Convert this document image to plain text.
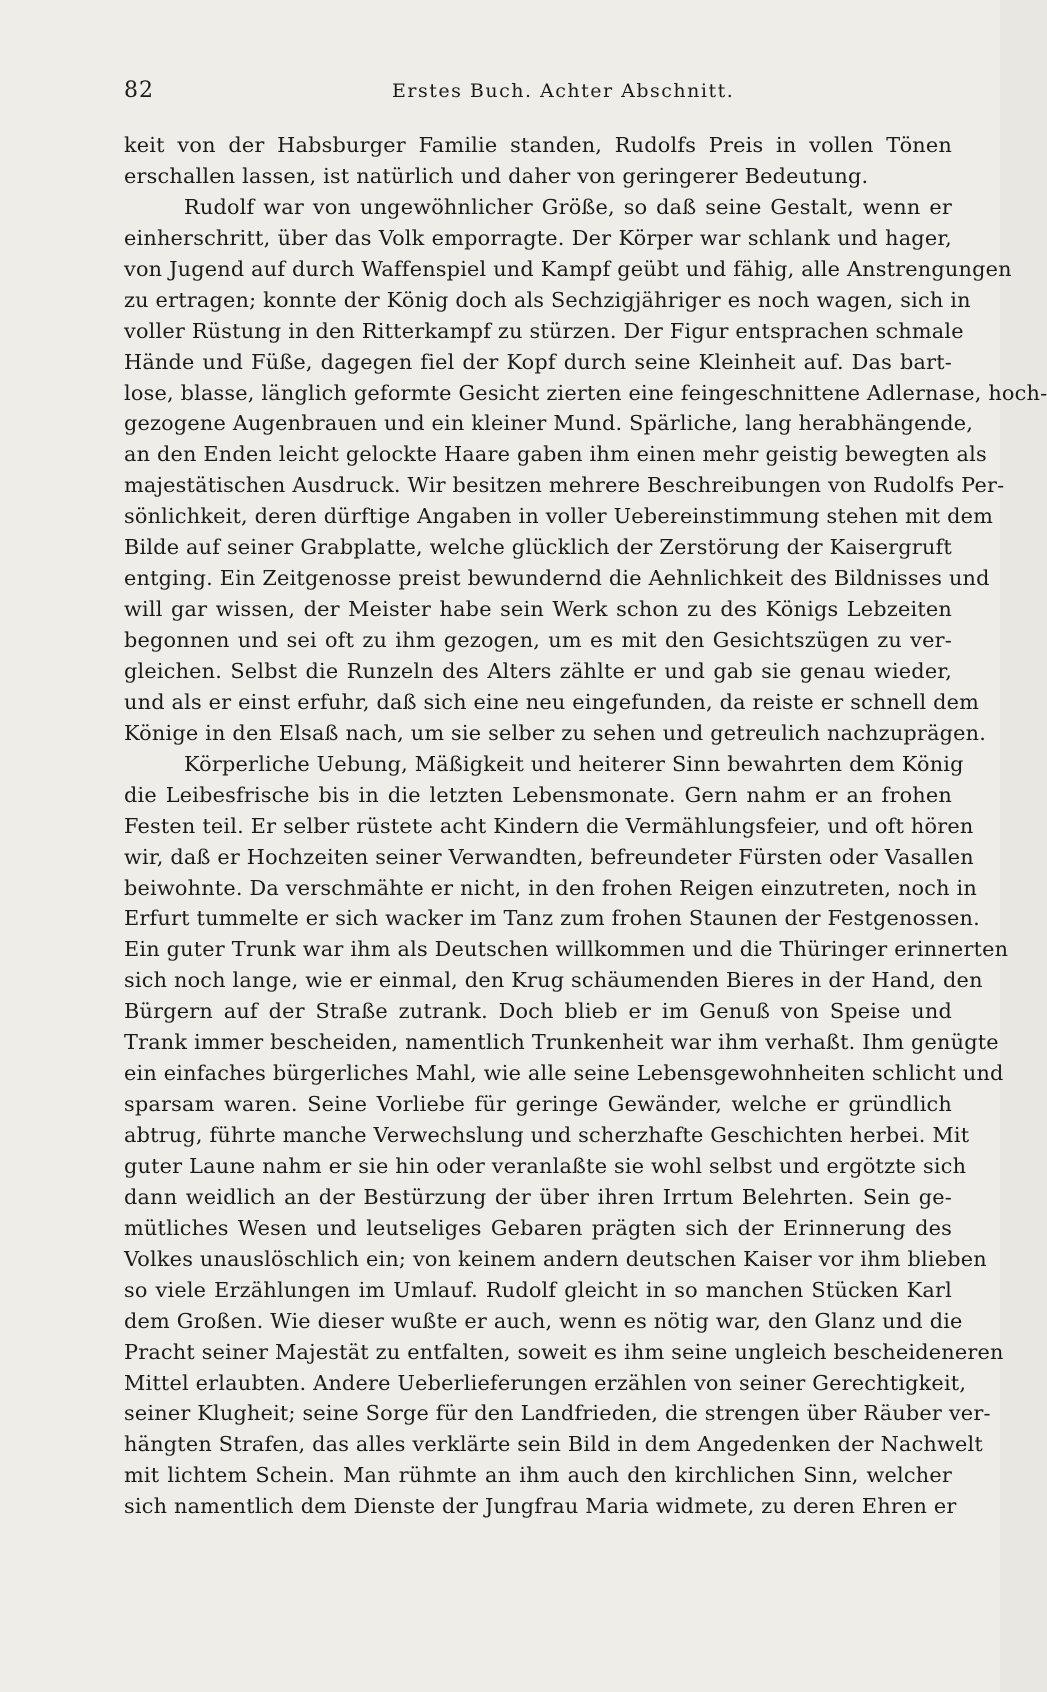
82	Erstes Buch. Achter Abschnitt.
keit von der Habsburger Familie standen, Rudolfs Preis in vollen Tönen
erschallen lassen, ist natürlich und daher von geringerer Bedeutung.
Rudolf war von ungewöhnlicher Größe, so daß seine Gestalt, wenn er
einherschritt, über das Volk emporragte. Der Körper war schlank und hager,
von Jugend auf durch Waffenspiel und Kampf geübt und fähig, alle Anstrengungen
zu ertragen; konnte der König doch als Sechzigjähriger es noch wagen, sich in
voller Rüstung in den Ritterkampf zu stürzen. Der Figur entsprachen schmale
Hände und Füße, dagegen fiel der Kopf durch seine Kleinheit auf. Das bart-
lose, blasse, länglich geformte Gesicht zierten eine feingeschnittene Adlernase, hoch-
gezogene Augenbrauen und ein kleiner Mund. Spärliche, lang herabhängende,
an den Enden leicht gelockte Haare gaben ihm einen mehr geistig bewegten als
majestätischen Ausdruck. Wir besitzen mehrere Beschreibungen von Rudolfs Per-
sönlichkeit, deren dürftige Angaben in voller Uebereinstimmung stehen mit dem
Bilde auf seiner Grabplatte, welche glücklich der Zerstörung der Kaisergruft
entging. Ein Zeitgenosse preist bewundernd die Aehnlichkeit des Bildnisses und
will gar wissen, der Meister habe sein Werk schon zu des Königs Lebzeiten
begonnen und sei oft zu ihm gezogen, um es mit den Gesichtszügen zu ver-
gleichen. Selbst die Runzeln des Alters zählte er und gab sie genau wieder,
und als er einst erfuhr, daß sich eine neu eingefunden, da reiste er schnell dem
Könige in den Elsaß nach, um sie selber zu sehen und getreulich nachzuprägen.
Körperliche Uebung, Mäßigkeit und heiterer Sinn bewahrten dem König
die Leibesfrische bis in die letzten Lebensmonate. Gern nahm er an frohen
Festen teil. Er selber rüstete acht Kindern die Vermählungsfeier, und oft hören
wir, daß er Hochzeiten seiner Verwandten, befreundeter Fürsten oder Vasallen
beiwohnte. Da verschmähte er nicht, in den frohen Reigen einzutreten, noch in
Erfurt tummelte er sich wacker im Tanz zum frohen Staunen der Festgenossen.
Ein guter Trunk war ihm als Deutschen willkommen und die Thüringer erinnerten
sich noch lange, wie er einmal, den Krug schäumenden Bieres in der Hand, den
Bürgern auf der Straße zutrank. Doch blieb er im Genuß von Speise und
Trank immer bescheiden, namentlich Trunkenheit war ihm verhaßt. Ihm genügte
ein einfaches bürgerliches Mahl, wie alle seine Lebensgewohnheiten schlicht und
sparsam waren. Seine Vorliebe für geringe Gewänder, welche er gründlich
abtrug, führte manche Verwechslung und scherzhafte Geschichten herbei. Mit
guter Laune nahm er sie hin oder veranlaßte sie wohl selbst und ergötzte sich
dann weidlich an der Bestürzung der über ihren Irrtum Belehrten. Sein ge-
mütliches Wesen und leutseliges Gebaren prägten sich der Erinnerung des
Volkes unauslöschlich ein; von keinem andern deutschen Kaiser vor ihm blieben
so viele Erzählungen im Umlauf. Rudolf gleicht in so manchen Stücken Karl
dem Großen. Wie dieser wußte er auch, wenn es nötig war, den Glanz und die
Pracht seiner Majestät zu entfalten, soweit es ihm seine ungleich bescheideneren
Mittel erlaubten. Andere Ueberlieferungen erzählen von seiner Gerechtigkeit,
seiner Klugheit; seine Sorge für den Landfrieden, die strengen über Räuber ver-
hängten Strafen, das alles verklärte sein Bild in dem Angedenken der Nachwelt
mit lichtem Schein. Man rühmte an ihm auch den kirchlichen Sinn, welcher
sich namentlich dem Dienste der Jungfrau Maria widmete, zu deren Ehren er
